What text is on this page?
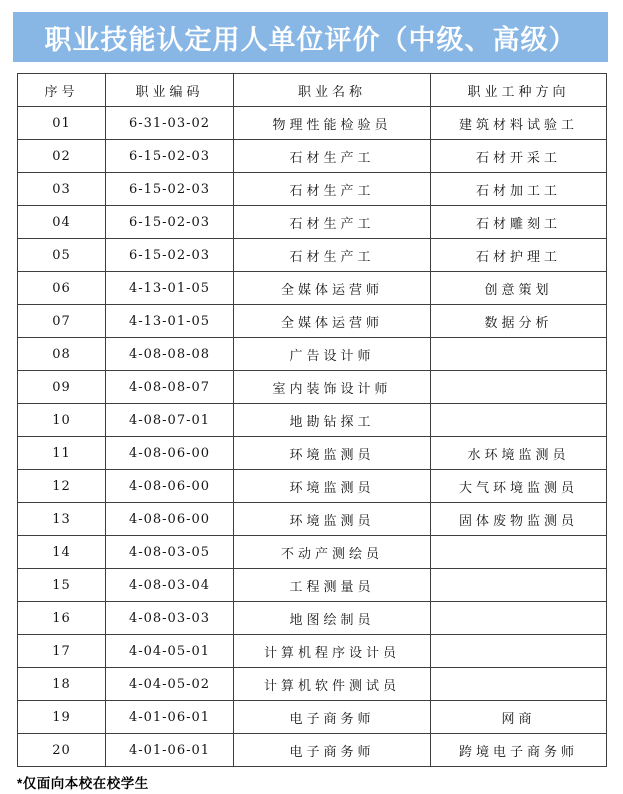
职业技能认定用人单位评价（中级、高级）
序号	职业编码	职业名称	职业工种方向
01	6-31-03-02	物理性能检验员	建筑材料试验工
02	6-15-02-03	石材生产工	石材开采工
03	6-15-02-03	石材生产工	石材加工工
04	6-15-02-03	石材生产工	石材雕刻工
05	6-15-02-03	石材生产工	石材护理工
06	4-13-01-05	全媒体运营师	创意策划
07	4-13-01-05	全媒体运营师	数据分析
08	4-08-08-08	广告设计师	
09	4-08-08-07	室内装饰设计师	
10	4-08-07-01	地勘钻探工	
11	4-08-06-00	环境监测员	水环境监测员
12	4-08-06-00	环境监测员	大气环境监测员
13	4-08-06-00	环境监测员	固体废物监测员
14	4-08-03-05	不动产测绘员	
15	4-08-03-04	工程测量员	
16	4-08-03-03	地图绘制员	
17	4-04-05-01	计算机程序设计员	
18	4-04-05-02	计算机软件测试员	
19	4-01-06-01	电子商务师	网商
20	4-01-06-01	电子商务师	跨境电子商务师
*仅面向本校在校学生
